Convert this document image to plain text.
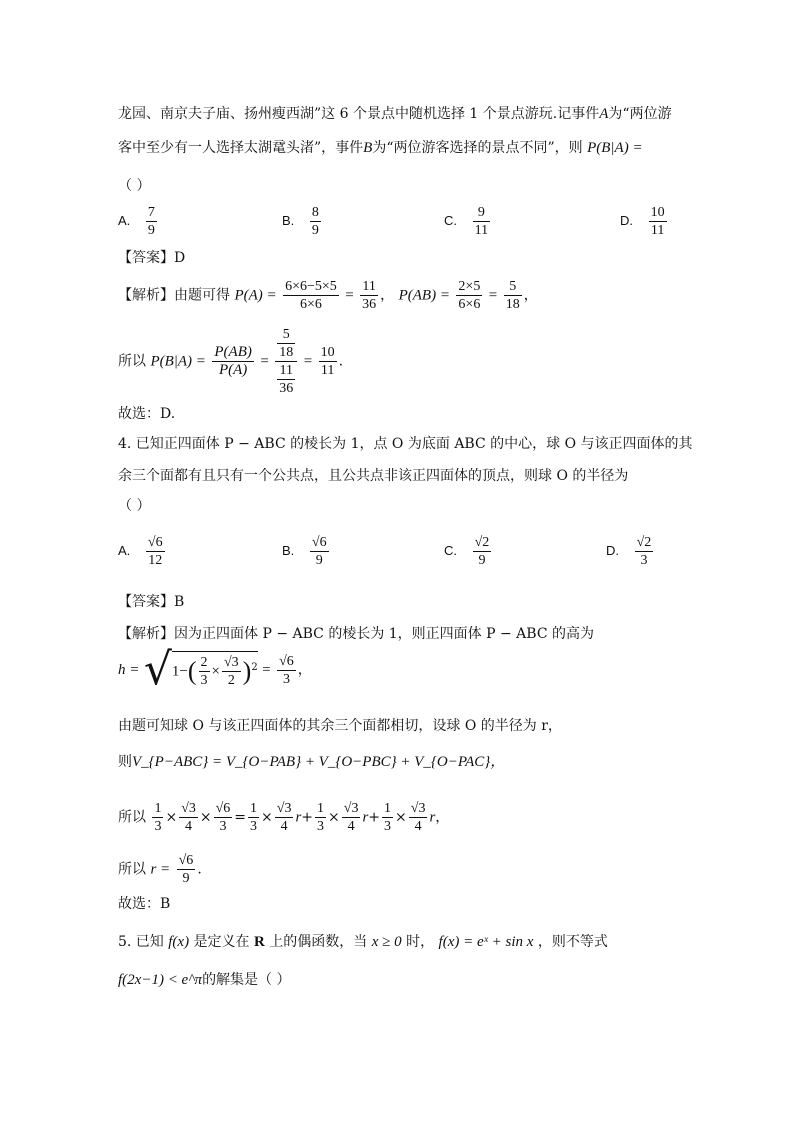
龙园、南京夫子庙、扬州瘦西湖”这 6 个景点中随机选择 1 个景点游玩.记事件A为“两位游
客中至少有一人选择太湖鼋头渚”，事件B为“两位游客选择的景点不同”，则 P(B|A) =
（ ）
A. $\frac{7}{9}$	B. $\frac{8}{9}$	C. $\frac{9}{11}$	D. $\frac{10}{11}$
【答案】D
【解析】由题可得 $P(A) = \frac{6\times 6-5\times 5}{6\times 6} = \frac{11}{36}$ ， $P(AB) = \frac{2\times 5}{6\times 6} = \frac{5}{18}$ ，
所以 $P(B|A) = \frac{P(AB)}{P(A)} = \frac{\frac{5}{18}}{\frac{11}{36}} = \frac{10}{11}$ .
故选：D.
4. 已知正四面体 P − ABC 的棱长为 1，点 O 为底面 ABC 的中心，球 O 与该正四面体的其
余三个面都有且只有一个公共点，且公共点非该正四面体的顶点，则球 O 的半径为
（ ）
A. $\frac{√6}{12}$	B. $\frac{√6}{9}$	C. $\frac{√2}{9}$	D. $\frac{√2}{3}$
【答案】B
【解析】因为正四面体 P − ABC 的棱长为 1，则正四面体 P − ABC 的高为
$h = √1-( \frac{2}{3} \times \frac{√3}{2} )^2 = \frac{√6}{3}$ ，
由题可知球 O 与该正四面体的其余三个面都相切，设球 O 的半径为 r，
则V_{P−ABC} = V_{O−PAB} + V_{O−PBC} + V_{O−PAC}，
所以 $\frac{1}{3} \times \frac{√3}{4} \times \frac{√6}{3} = \frac{1}{3} \times \frac{√3}{4} r+ \frac{1}{3} \times \frac{√3}{4} r+ \frac{1}{3} \times \frac{√3}{4}$ r，
所以 $r = \frac{√6}{9}$ .
故选：B
5. 已知 f(x) 是定义在 R 上的偶函数，当 x ≥ 0 时， f(x) = eˣ + sin x ，则不等式
f(2x−1) < e^π的解集是（ ）
